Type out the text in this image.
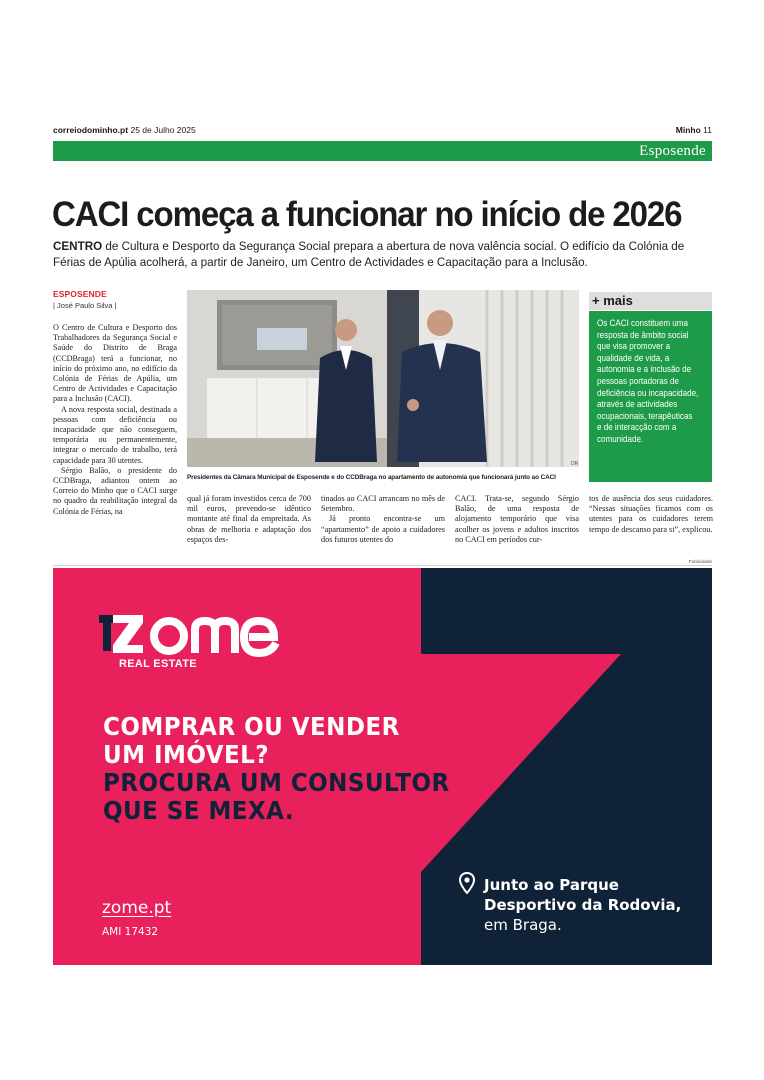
correiodominho.pt 25 de Julho 2025	Minho 11
Esposende
CACI começa a funcionar no início de 2026

CENTRO de Cultura e Desporto da Segurança Social prepara a abertura de nova valência social. O edifício da Colónia de Férias de Apúlia acolherá, a partir de Janeiro, um Centro de Actividades e Capacitação para a Inclusão.

ESPOSENDE
| José Paulo Silva |

O Centro de Cultura e Desporto dos Trabalhadores da Segurança Social e Saúde do Distrito de Braga (CCDBraga) terá a funcionar, no início do próximo ano, no edifício da Colónia de Férias de Apúlia, um Centro de Actividades e Capacitação para a Inclusão (CACI).

A nova resposta social, destinada a pessoas com deficiência ou incapacidade que não conseguem, temporária ou permanentemente, integrar o mercado de trabalho, terá capacidade para 30 utentes.

Sérgio Balão, o presidente do CCDBraga, adiantou ontem ao Correio do Minho que o CACI surge no quadro da reabilitação integral da Colónia de Férias, na

DR
Presidentes da Câmara Municipal de Esposende e do CCDBraga no apartamento de autonomia que funcionará junto ao CACI

qual já foram investidos cerca de 700 mil euros, prevendo-se idêntico montante até final da empreitada. As obras de melhoria e adaptação dos espaços des-

tinados ao CACI arrancam no mês de Setembro.

Já pronto encontra-se um “apartamento” de apoio a cuidadores dos futuros utentes do

CACI. Trata-se, segundo Sérgio Balão, de uma resposta de alojamento temporário que visa acolher os jovens e adultos inscritos no CACI em períodos cur-

tos de ausência dos seus cuidadores. “Nessas situações ficamos com os utentes para os cuidadores terem tempo de descanso para si”, explicou.

+ mais

Os CACI constituem uma resposta de âmbito social que visa promover a qualidade de vida, a autonomia e a inclusão de pessoas portadoras de deficiência ou incapacidade, através de actividades ocupacionais, terapêuticas e de interacção com a comunidade.

Publicidade
REAL ESTATE
COMPRAR OU VENDER
UM IMÓVEL?
PROCURA UM CONSULTOR
QUE SE MEXA.
zome.pt
AMI 17432
Junto ao Parque
Desportivo da Rodovia,
em Braga.
